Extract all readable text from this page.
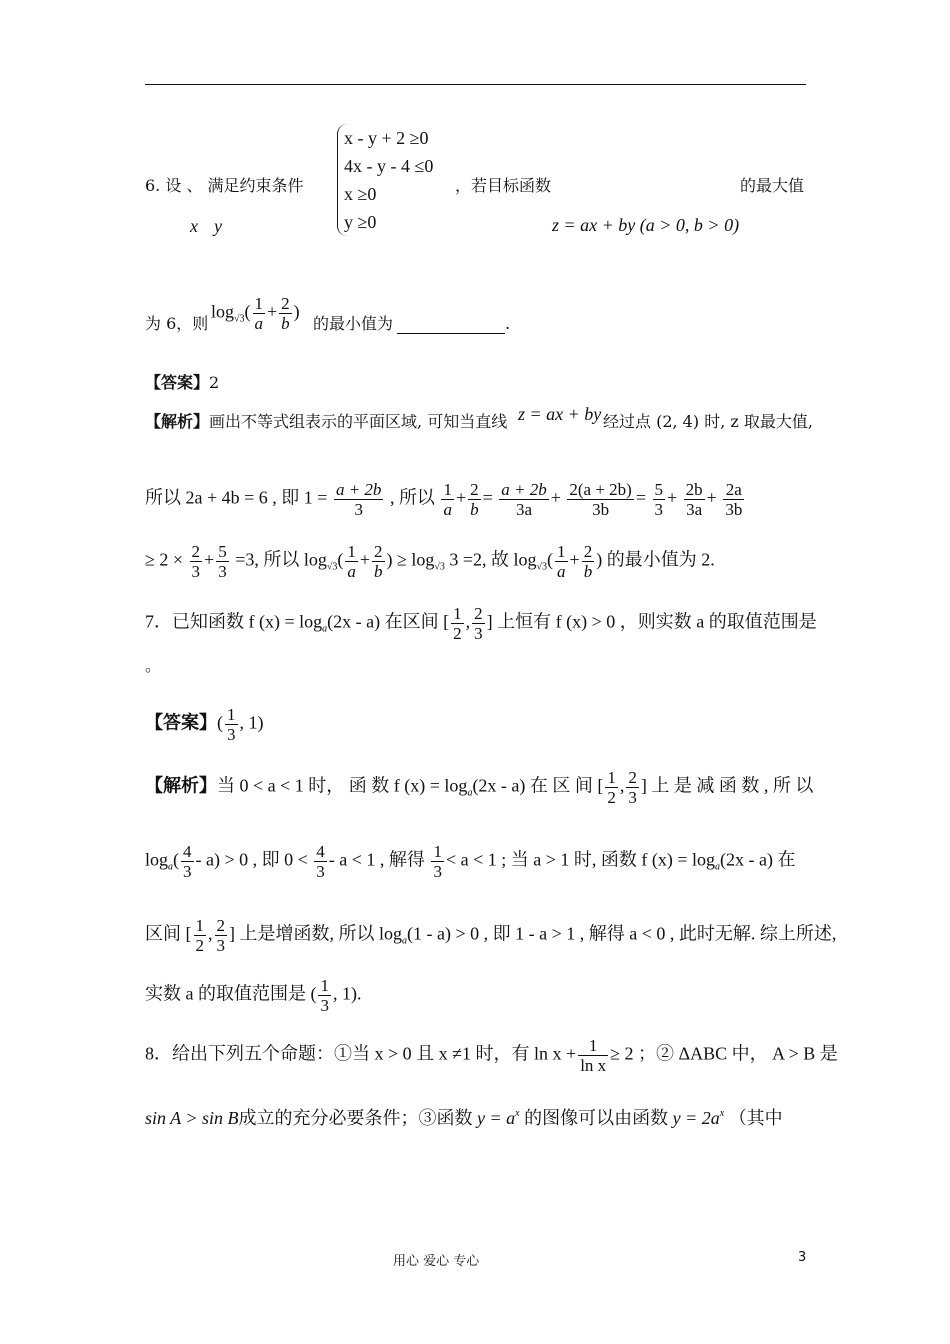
6. 设 、 满足约束条件
x y
x - y + 2 ≥0
4x - y - 4 ≤0
x ≥0
y ≥0
，若目标函数
z = ax + by (a > 0, b > 0)
的最大值
为 6，则
$\log_{√3}( \frac{1}{a} + \frac{2}{b}$ )
的最小值为	.
【答案】2
【解析】画出不等式组表示的平面区域, 可知当直线 z = ax + by 经过点 (2, 4) 时, z 取最大值,
所以 2a + 4b = 6 , 即 $1 = \frac{a + 2b}{3}$ , 所以 $\frac{1}{a} + \frac{2}{b} = \frac{a + 2b}{3a} + \frac{2(a + 2b)}{3b} = \frac{5}{3} + \frac{2b}{3a} + \frac{2a}{3b}$
≥ $2 \times \frac{2}{3} + \frac{5}{3} =3$, 所以 $\log_{√3}( \frac{1}{a} + \frac{2}{b}$ ) ≥ $\log_{√3} 3 =2$, 故 $\log_{√3}( \frac{1}{a} + \frac{2}{b}$ ) 的最小值为 2.
7．已知函数 f $(x) = \log_a(2x - a)$ 在区间 [ $\frac{1}{2}$ , $\frac{2}{3}$ ] 上恒有 f (x) > 0 ，则实数 a 的取值范围是
。
【答案】( $\frac{1}{3}$ , 1)
【解析】当 0 < a < 1 时， 函 数 f $(x) = \log_a(2x - a)$ 在 区 间 [ $\frac{1}{2}$ , $\frac{2}{3}$ ] 上 是 减 函 数 , 所 以
$\log_a( \frac{4}{3} - a) > 0$ , 即 $0 < \frac{4}{3} - a < 1$ , 解得 $\frac{1}{3} < a < 1$ ; 当 a > 1 时, 函数 f $(x) = \log_a(2x - a)$ 在
区间 [ $\frac{1}{2}$ , $\frac{2}{3}$ ] 上是增函数, 所以 $\log_a(1 - a) > 0$ , 即 1 - a > 1 , 解得 a < 0 , 此时无解. 综上所述,
实数 a 的取值范围是 ( $\frac{1}{3}$ , 1).
8．给出下列五个命题：①当 x > 0 且 x ≠1 时，有 $\ln x + \frac{1}{\text{ln x}} \ge 2$ ；② ΔABC 中， A > B 是
sin A > sin B成立的充分必要条件；③函数 $y = a^x$ 的图像可以由函数 $y = 2a^x$ （其中
用心 爱心 专心	3
